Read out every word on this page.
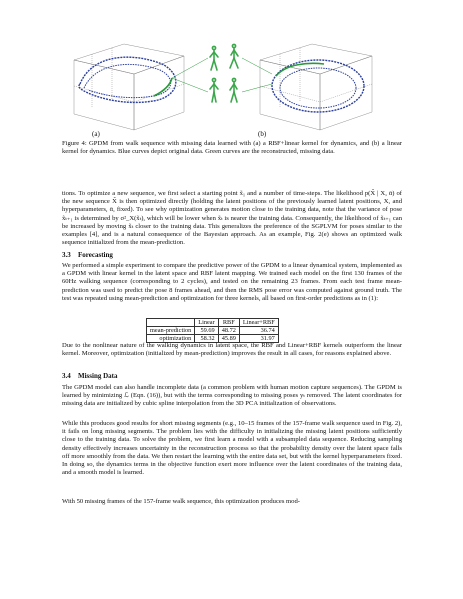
(a)	(b)
Figure 4: GPDM from walk sequence with missing data learned with (a) a RBF+linear kernel for dynamics, and (b) a linear kernel for dynamics. Blue curves depict original data. Green curves are the reconstructed, missing data.
tions. To optimize a new sequence, we first select a starting point x̃₁ and a number of time-steps. The likelihood p(X̃ | X, ᾱ) of the new sequence X̃ is then optimized directly (holding the latent positions of the previously learned latent positions, X, and hyperparameters, ᾱ, fixed). To see why optimization generates motion close to the training data, note that the variance of pose x̃ₜ₊₁ is determined by σ²_X(x̃ₜ), which will be lower when x̃ₜ is nearer the training data. Consequently, the likelihood of x̃ₜ₊₁ can be increased by moving x̃ₜ closer to the training data. This generalizes the preference of the SGPLVM for poses similar to the examples [4], and is a natural consequence of the Bayesian approach. As an example, Fig. 2(e) shows an optimized walk sequence initialized from the mean-prediction.
3.3 Forecasting
We performed a simple experiment to compare the predictive power of the GPDM to a linear dynamical system, implemented as a GPDM with linear kernel in the latent space and RBF latent mapping. We trained each model on the first 130 frames of the 60Hz walking sequence (corresponding to 2 cycles), and tested on the remaining 23 frames. From each test frame mean-prediction was used to predict the pose 8 frames ahead, and then the RMS pose error was computed against ground truth. The test was repeated using mean-prediction and optimization for three kernels, all based on first-order predictions as in (1):
	Linear	RBF	Linear+RBF
mean-prediction	59.69	48.72	36.74
optimization	58.32	45.89	31.97
Due to the nonlinear nature of the walking dynamics in latent space, the RBF and Linear+RBF kernels outperform the linear kernel. Moreover, optimization (initialized by mean-prediction) improves the result in all cases, for reasons explained above.
3.4 Missing Data
The GPDM model can also handle incomplete data (a common problem with human motion capture sequences). The GPDM is learned by minimizing ℒ (Eqn. (16)), but with the terms corresponding to missing poses yₜ removed. The latent coordinates for missing data are initialized by cubic spline interpolation from the 3D PCA initialization of observations.
While this produces good results for short missing segments (e.g., 10–15 frames of the 157-frame walk sequence used in Fig. 2), it fails on long missing segments. The problem lies with the difficulty in initializing the missing latent positions sufficiently close to the training data. To solve the problem, we first learn a model with a subsampled data sequence. Reducing sampling density effectively increases uncertainty in the reconstruction process so that the probability density over the latent space falls off more smoothly from the data. We then restart the learning with the entire data set, but with the kernel hyperparameters fixed. In doing so, the dynamics terms in the objective function exert more influence over the latent coordinates of the training data, and a smooth model is learned.
With 50 missing frames of the 157-frame walk sequence, this optimization produces mod-
